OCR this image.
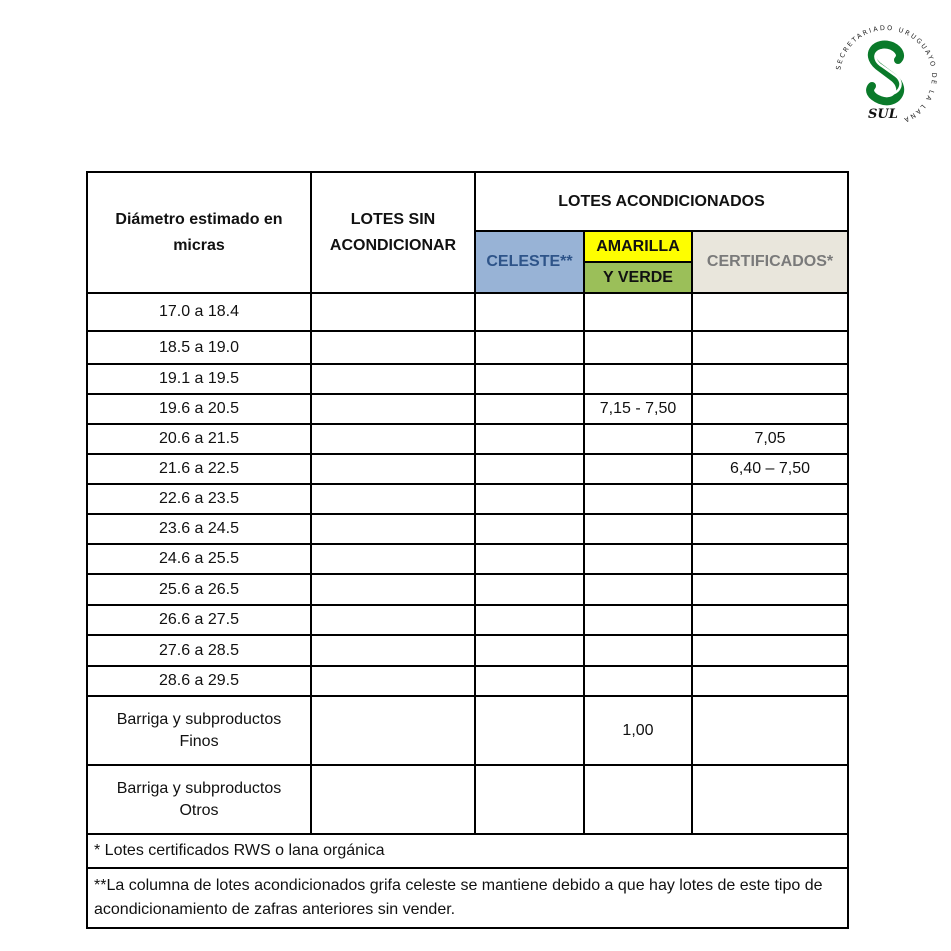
SECRETARIADO URUGUAYO DE LA LANA
SUL
Diámetro estimado en micras	LOTES SIN ACONDICIONAR	LOTES ACONDICIONADOS		
		CELESTE**	AMARILLA	CERTIFICADOS*
			Y VERDE	
17.0 a 18.4				
18.5 a 19.0				
19.1 a 19.5				
19.6 a 20.5			7,15 - 7,50	
20.6 a 21.5				7,05
21.6 a 22.5				6,40 – 7,50
22.6 a 23.5				
23.6 a 24.5				
24.6 a 25.5				
25.6 a 26.5				
26.6 a 27.5				
27.6 a 28.5				
28.6 a 29.5				

Barriga y subproductos
Finos			1,00	

Barriga y subproductos
Otros				

* Lotes certificados RWS o lana orgánica				
**La columna de lotes acondicionados grifa celeste se mantiene debido a que hay lotes de este tipo de acondicionamiento de zafras anteriores sin vender.				
